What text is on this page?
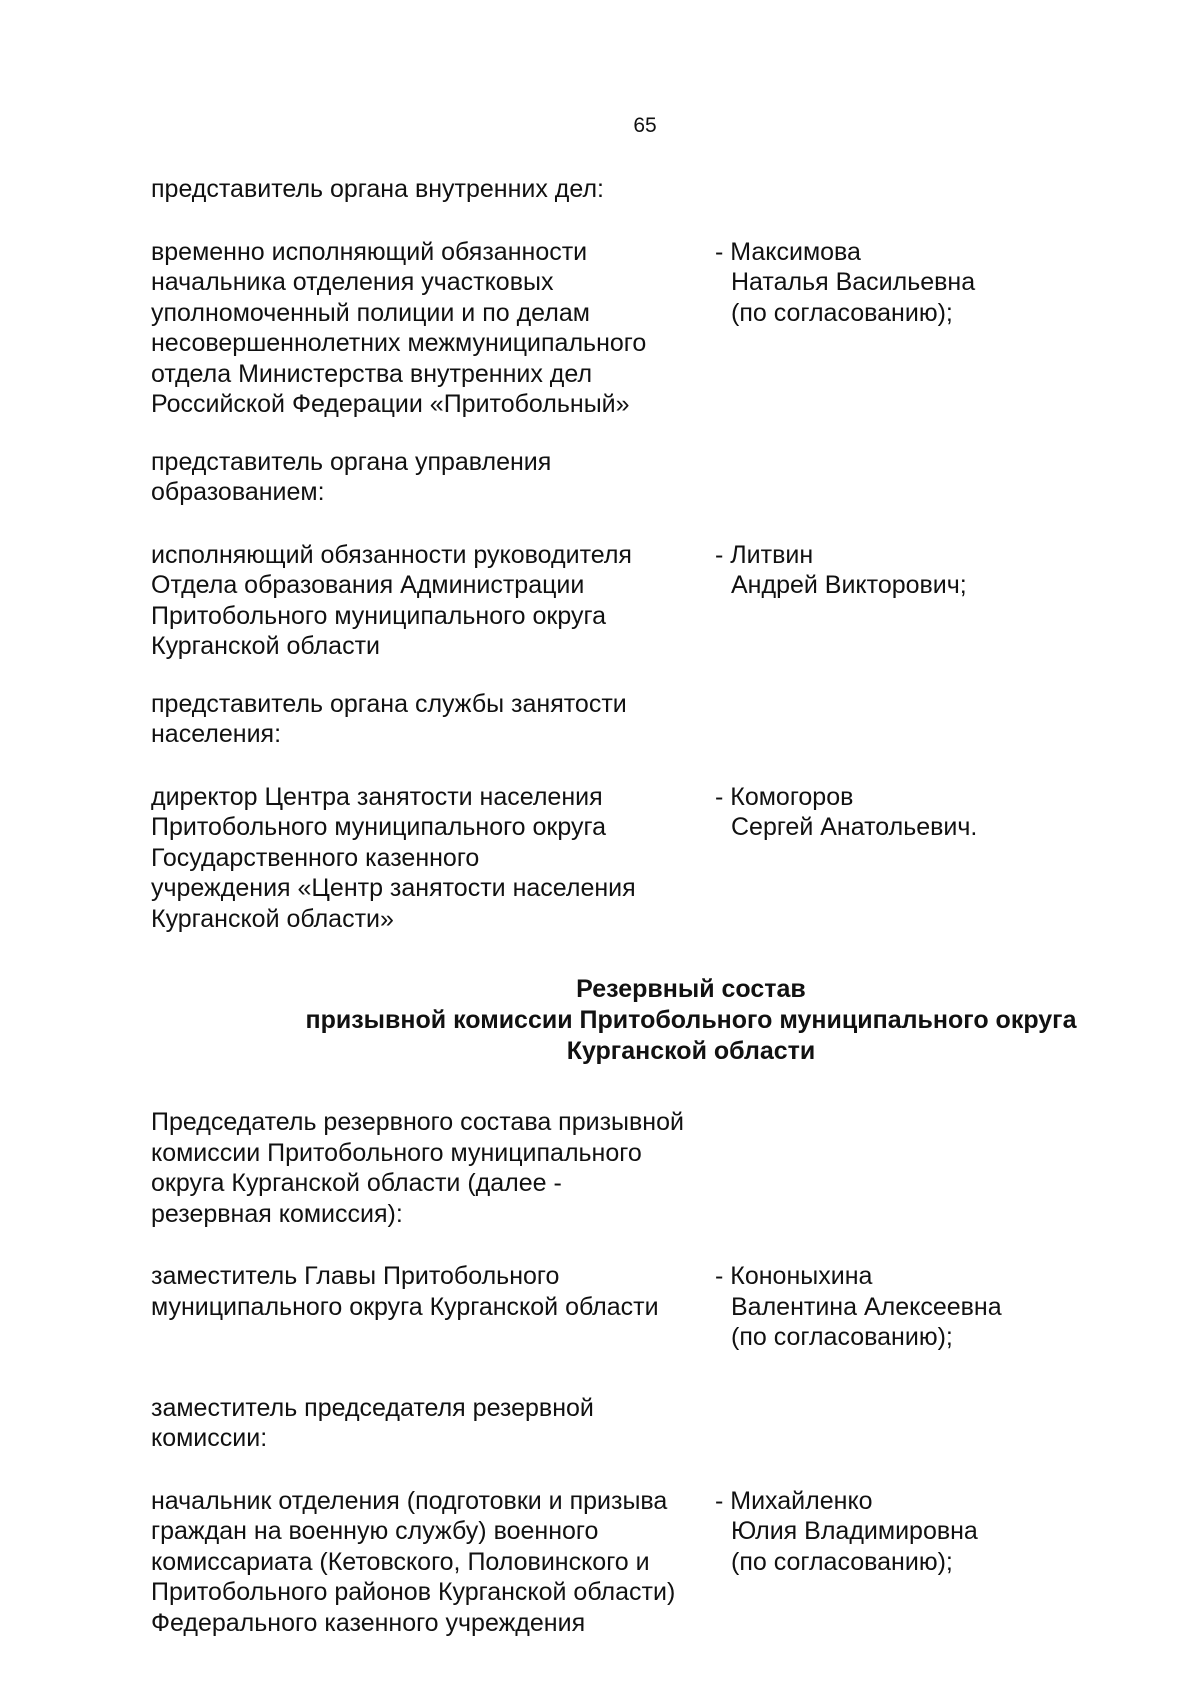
65
представитель органа внутренних дел:
временно исполняющий обязанности
начальника отделения участковых
уполномоченный полиции и по делам
несовершеннолетних межмуниципального
отдела Министерства внутренних дел
Российской Федерации «Притобольный»
- Максимова
Наталья Васильевна
(по согласованию);
представитель органа управления
образованием:
исполняющий обязанности руководителя
Отдела образования Администрации
Притобольного муниципального округа
Курганской области
- Литвин
Андрей Викторович;
представитель органа службы занятости
населения:
директор Центра занятости населения
Притобольного муниципального округа
Государственного казенного
учреждения «Центр занятости населения
Курганской области»
- Комогоров
Сергей Анатольевич.
Резервный состав
призывной комиссии Притобольного муниципального округа
Курганской области
Председатель резервного состава призывной
комиссии Притобольного муниципального
округа Курганской области (далее -
резервная комиссия):
заместитель Главы Притобольного
муниципального округа Курганской области
- Кононыхина
Валентина Алексеевна
(по согласованию);
заместитель председателя резервной
комиссии:
начальник отделения (подготовки и призыва
граждан на военную службу) военного
комиссариата (Кетовского, Половинского и
Притобольного районов Курганской области)
Федерального казенного учреждения
- Михайленко
Юлия Владимировна
(по согласованию);
